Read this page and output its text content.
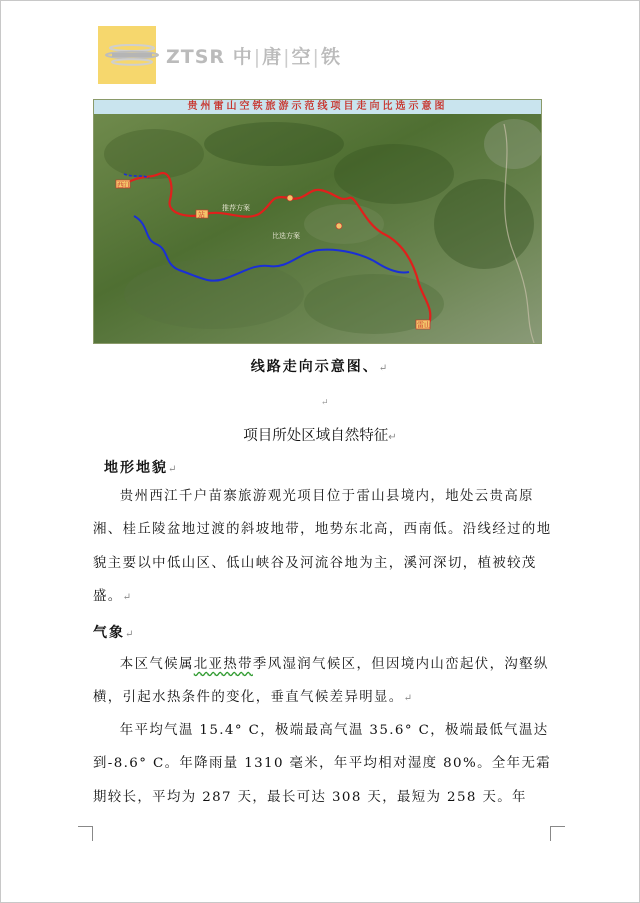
ZTSR 中|唐|空|铁
贵州雷山空铁旅游示范线项目走向比选示意图
西江
站
雷山
推荐方案
比选方案
线路走向示意图、↵
↵
项目所处区域自然特征↵
地形地貌↵

贵州西江千户苗寨旅游观光项目位于雷山县境内，地处云贵高原湘、桂丘陵盆地过渡的斜坡地带，地势东北高，西南低。沿线经过的地貌主要以中低山区、低山峡谷及河流谷地为主，溪河深切，植被较茂盛。↵

气象↵

本区气候属北亚热带季风湿润气候区，但因境内山峦起伏，沟壑纵横，引起水热条件的变化，垂直气候差异明显。↵

年平均气温 15.4° C，极端最高气温 35.6° C，极端最低气温达到-8.6° C。年降雨量 1310 毫米，年平均相对湿度 80%。全年无霜期较长，平均为 287 天，最长可达 308 天，最短为 258 天。年
